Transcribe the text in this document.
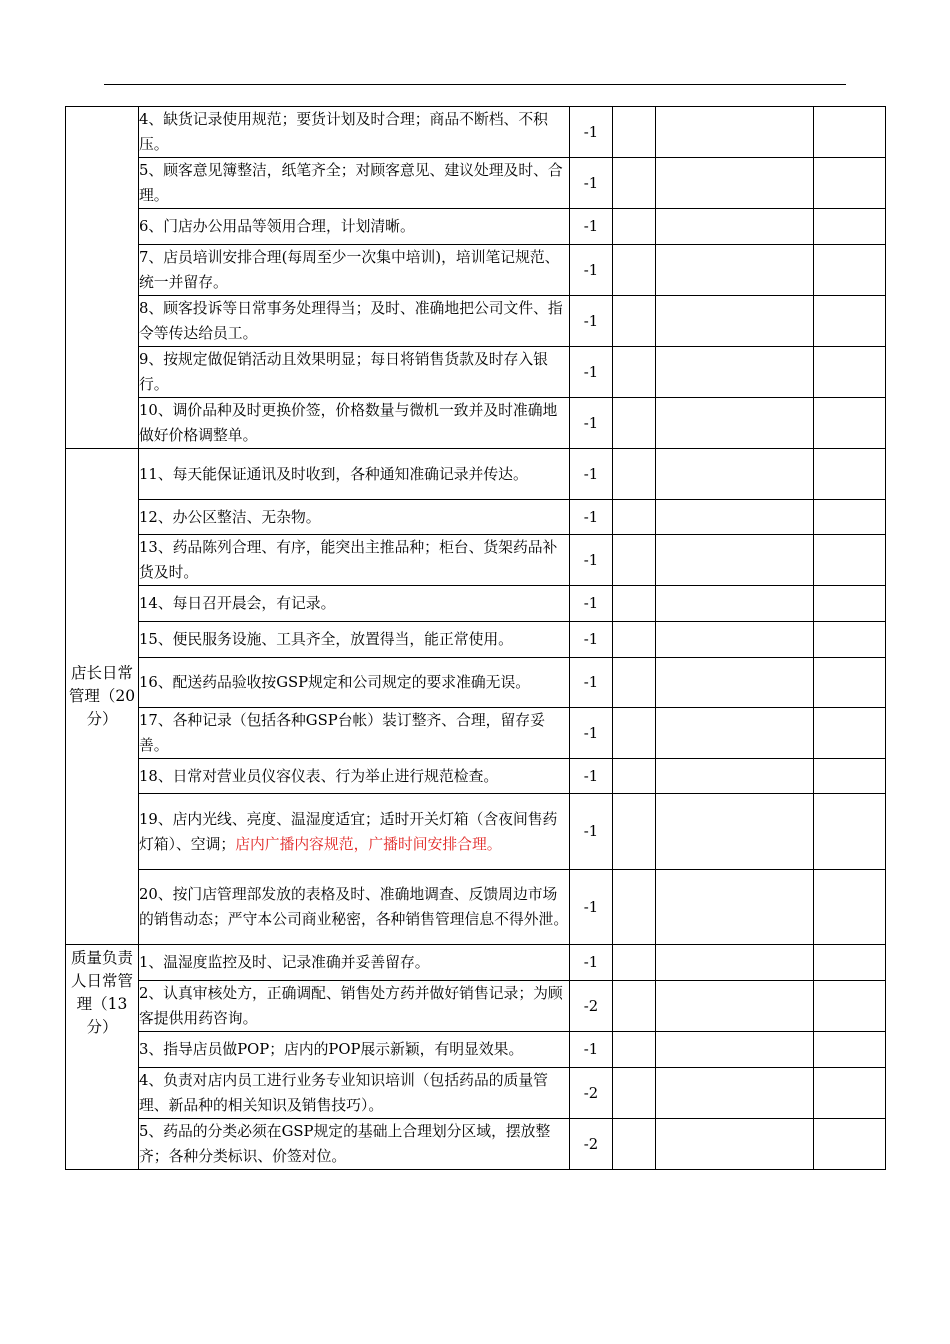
	4、缺货记录使用规范；要货计划及时合理；商品不断档、不积压。	-1			
	5、顾客意见簿整洁，纸笔齐全；对顾客意见、建议处理及时、合理。	-1			
	6、门店办公用品等领用合理，计划清晰。	-1			
	7、店员培训安排合理(每周至少一次集中培训)，培训笔记规范、统一并留存。	-1			
	8、顾客投诉等日常事务处理得当；及时、准确地把公司文件、指令等传达给员工。	-1			
	9、按规定做促销活动且效果明显；每日将销售货款及时存入银行。	-1			
	10、调价品种及时更换价签，价格数量与微机一致并及时准确地做好价格调整单。	-1			
店长日常管理（20分）	11、每天能保证通讯及时收到，各种通知准确记录并传达。	-1			
	12、办公区整洁、无杂物。	-1			
	13、药品陈列合理、有序，能突出主推品种；柜台、货架药品补货及时。	-1			
	14、每日召开晨会，有记录。	-1			
	15、便民服务设施、工具齐全，放置得当，能正常使用。	-1			
	16、配送药品验收按GSP规定和公司规定的要求准确无误。	-1			
	17、各种记录（包括各种GSP台帐）装订整齐、合理，留存妥善。	-1			
	18、日常对营业员仪容仪表、行为举止进行规范检查。	-1			
	19、店内光线、亮度、温湿度适宜；适时开关灯箱（含夜间售药灯箱）、空调；店内广播内容规范，广播时间安排合理。	-1			
	20、按门店管理部发放的表格及时、准确地调查、反馈周边市场的销售动态；严守本公司商业秘密，各种销售管理信息不得外泄。	-1			
质量负责人日常管理（13分）	1、温湿度监控及时、记录准确并妥善留存。	-1			
	2、认真审核处方，正确调配、销售处方药并做好销售记录；为顾客提供用药咨询。	-2			
	3、指导店员做POP；店内的POP展示新颖，有明显效果。	-1			
	4、负责对店内员工进行业务专业知识培训（包括药品的质量管理、新品种的相关知识及销售技巧）。	-2			
	5、药品的分类必须在GSP规定的基础上合理划分区域，摆放整齐；各种分类标识、价签对位。	-2			
